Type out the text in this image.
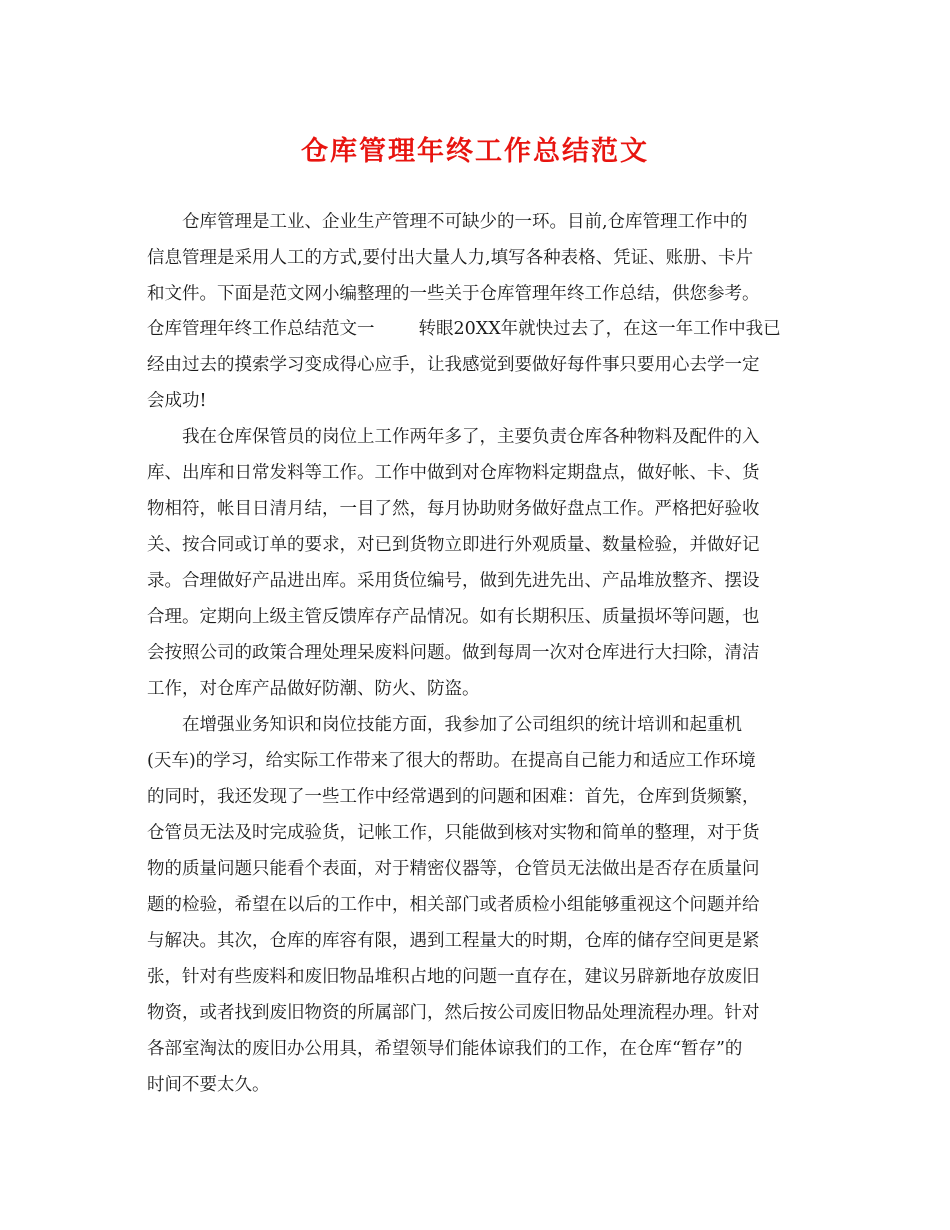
仓库管理年终工作总结范文
仓库管理是工业、企业生产管理不可缺少的一环。目前,仓库管理工作中的
信息管理是采用人工的方式,要付出大量人力,填写各种表格、凭证、账册、卡片
和文件。下面是范文网小编整理的一些关于仓库管理年终工作总结，供您参考。
仓库管理年终工作总结范文一	转眼20XX年就快过去了，在这一年工作中我已
经由过去的摸索学习变成得心应手，让我感觉到要做好每件事只要用心去学一定
会成功!
我在仓库保管员的岗位上工作两年多了，主要负责仓库各种物料及配件的入
库、出库和日常发料等工作。工作中做到对仓库物料定期盘点，做好帐、卡、货
物相符，帐目日清月结，一目了然，每月协助财务做好盘点工作。严格把好验收
关、按合同或订单的要求，对已到货物立即进行外观质量、数量检验，并做好记
录。合理做好产品进出库。采用货位编号，做到先进先出、产品堆放整齐、摆设
合理。定期向上级主管反馈库存产品情况。如有长期积压、质量损坏等问题，也
会按照公司的政策合理处理呆废料问题。做到每周一次对仓库进行大扫除，清洁
工作，对仓库产品做好防潮、防火、防盗。
在增强业务知识和岗位技能方面，我参加了公司组织的统计培训和起重机
(天车)的学习，给实际工作带来了很大的帮助。在提高自己能力和适应工作环境
的同时，我还发现了一些工作中经常遇到的问题和困难：首先，仓库到货频繁，
仓管员无法及时完成验货，记帐工作，只能做到核对实物和简单的整理，对于货
物的质量问题只能看个表面，对于精密仪器等，仓管员无法做出是否存在质量问
题的检验，希望在以后的工作中，相关部门或者质检小组能够重视这个问题并给
与解决。其次，仓库的库容有限，遇到工程量大的时期，仓库的储存空间更是紧
张，针对有些废料和废旧物品堆积占地的问题一直存在，建议另辟新地存放废旧
物资，或者找到废旧物资的所属部门，然后按公司废旧物品处理流程办理。针对
各部室淘汰的废旧办公用具，希望领导们能体谅我们的工作，在仓库“暂存”的
时间不要太久。
